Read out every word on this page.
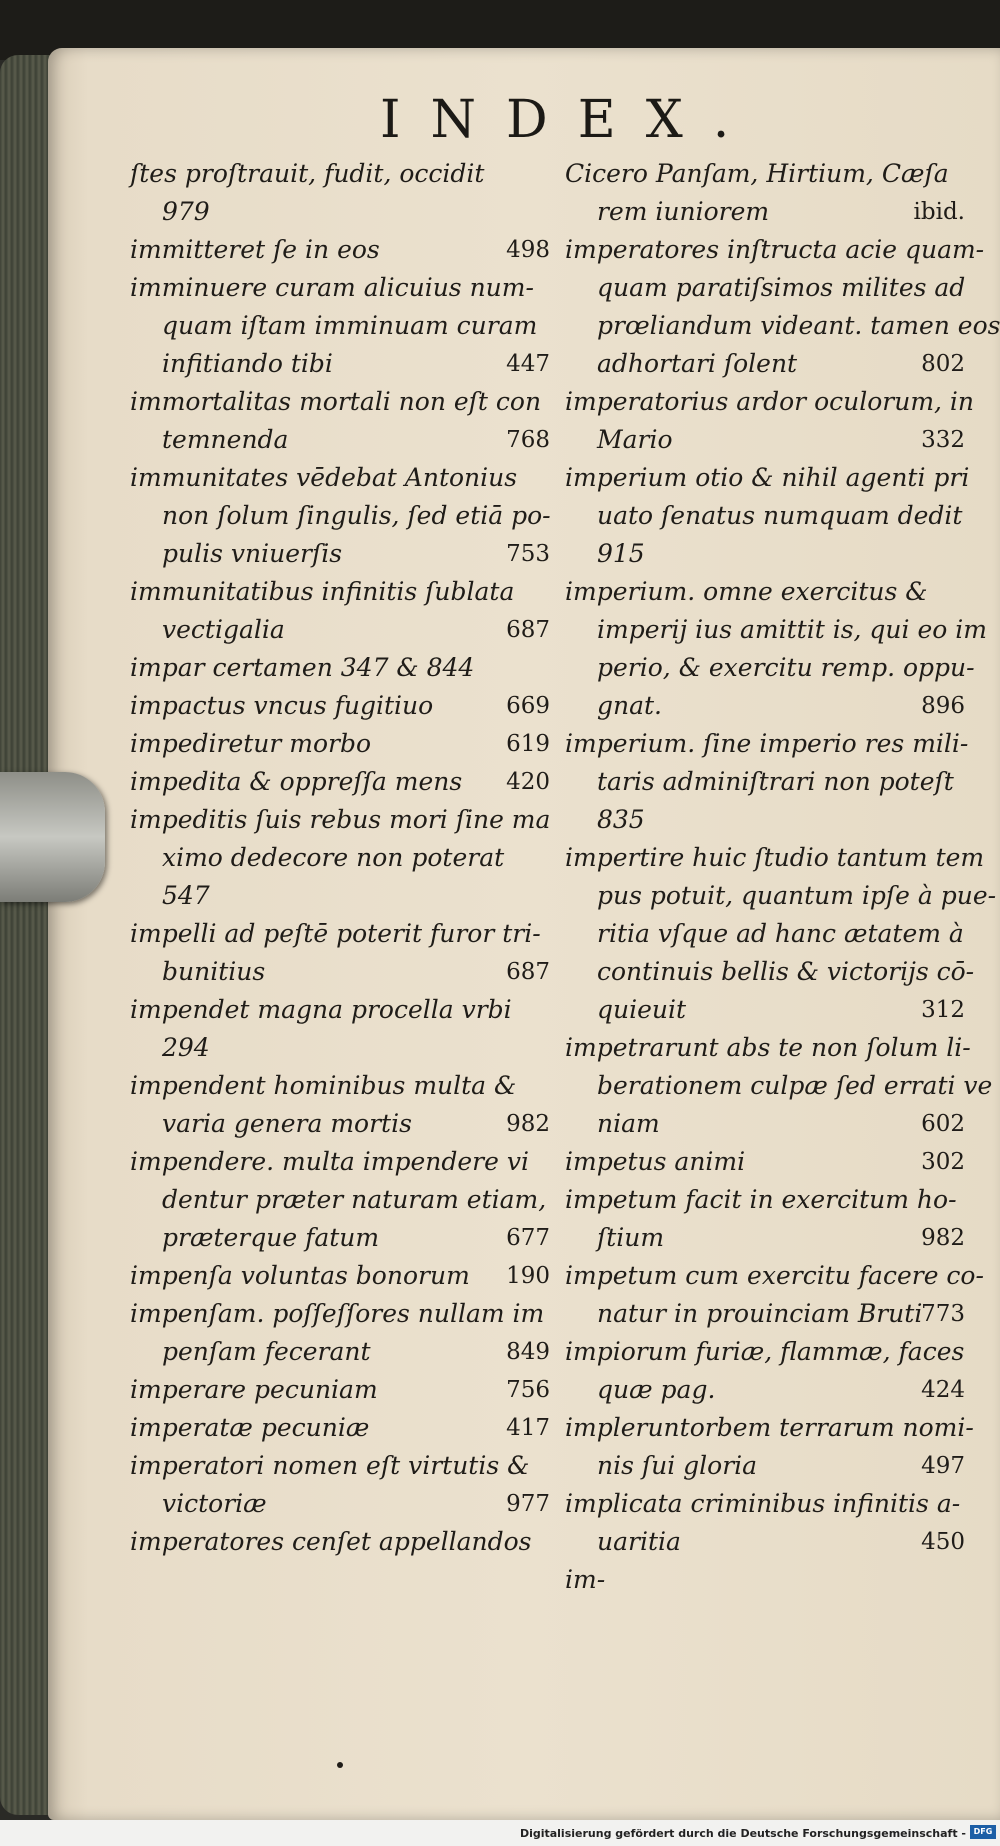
INDEX.
ſtes proſtrauit, fudit, occidit
979
immitteret ſe in eos	498
imminuere curam alicuius num-
quam iſtam imminuam curam
infitiando tibi	447
immortalitas mortali non eſt con
temnenda	768
immunitates vēdebat Antonius
non ſolum ſingulis, ſed etiā po-
pulis vniuerſis	753
immunitatibus infinitis ſublata
vectigalia	687
impar certamen 347 & 844
impactus vncus fugitiuo	669
impediretur morbo	619
impedita & oppreſſa mens 420
impeditis ſuis rebus mori ſine ma
ximo dedecore non poterat
547
impelli ad peſtē poterit furor tri-
bunitius	687
impendet magna procella vrbi
294
impendent hominibus multa &
varia genera mortis	982
impendere. multa impendere vi
dentur præter naturam etiam,
prӕterque fatum	677
impenſa voluntas bonorum 190
impenſam. poſſeſſores nullam im
penſam fecerant	849
imperare pecuniam	756
imperatæ pecuniæ	417
imperatori nomen eſt virtutis &
victoriæ	977
imperatores cenſet appellandos
Cicero Panſam, Hirtium, Cæſa
rem iuniorem	ibid.
imperatores inſtructa acie quam-
quam paratiſsimos milites ad
prœliandum videant. tamen eos
adhortari ſolent	802
imperatorius ardor oculorum, in
Mario	332
imperium otio & nihil agenti pri
uato ſenatus numquam dedit
915
imperium. omne exercitus &
imperij ius amittit is, qui eo im
perio, & exercitu remp. oppu-
gnat.	896
imperium. ſine imperio res mili-
taris adminiſtrari non poteſt
835
impertire huic ſtudio tantum tem
pus potuit, quantum ipſe à pue-
ritia vſque ad hanc ætatem à
continuis bellis & victorijs cō-
quieuit	312
impetrarunt abs te non ſolum li-
berationem culpæ ſed errati ve
niam	602
impetus animi	302
impetum facit in exercitum ho-
ſtium	982
impetum cum exercitu facere co-
natur in prouinciam Bruti
773
impiorum furiæ, flammæ, faces
quæ pag.	424
impleruntorbem terrarum nomi-
nis ſui gloria	497
implicata criminibus infinitis a-
uaritia	450
im-
Digitalisierung gefördert durch die Deutsche Forschungsgemeinschaft - DFG
